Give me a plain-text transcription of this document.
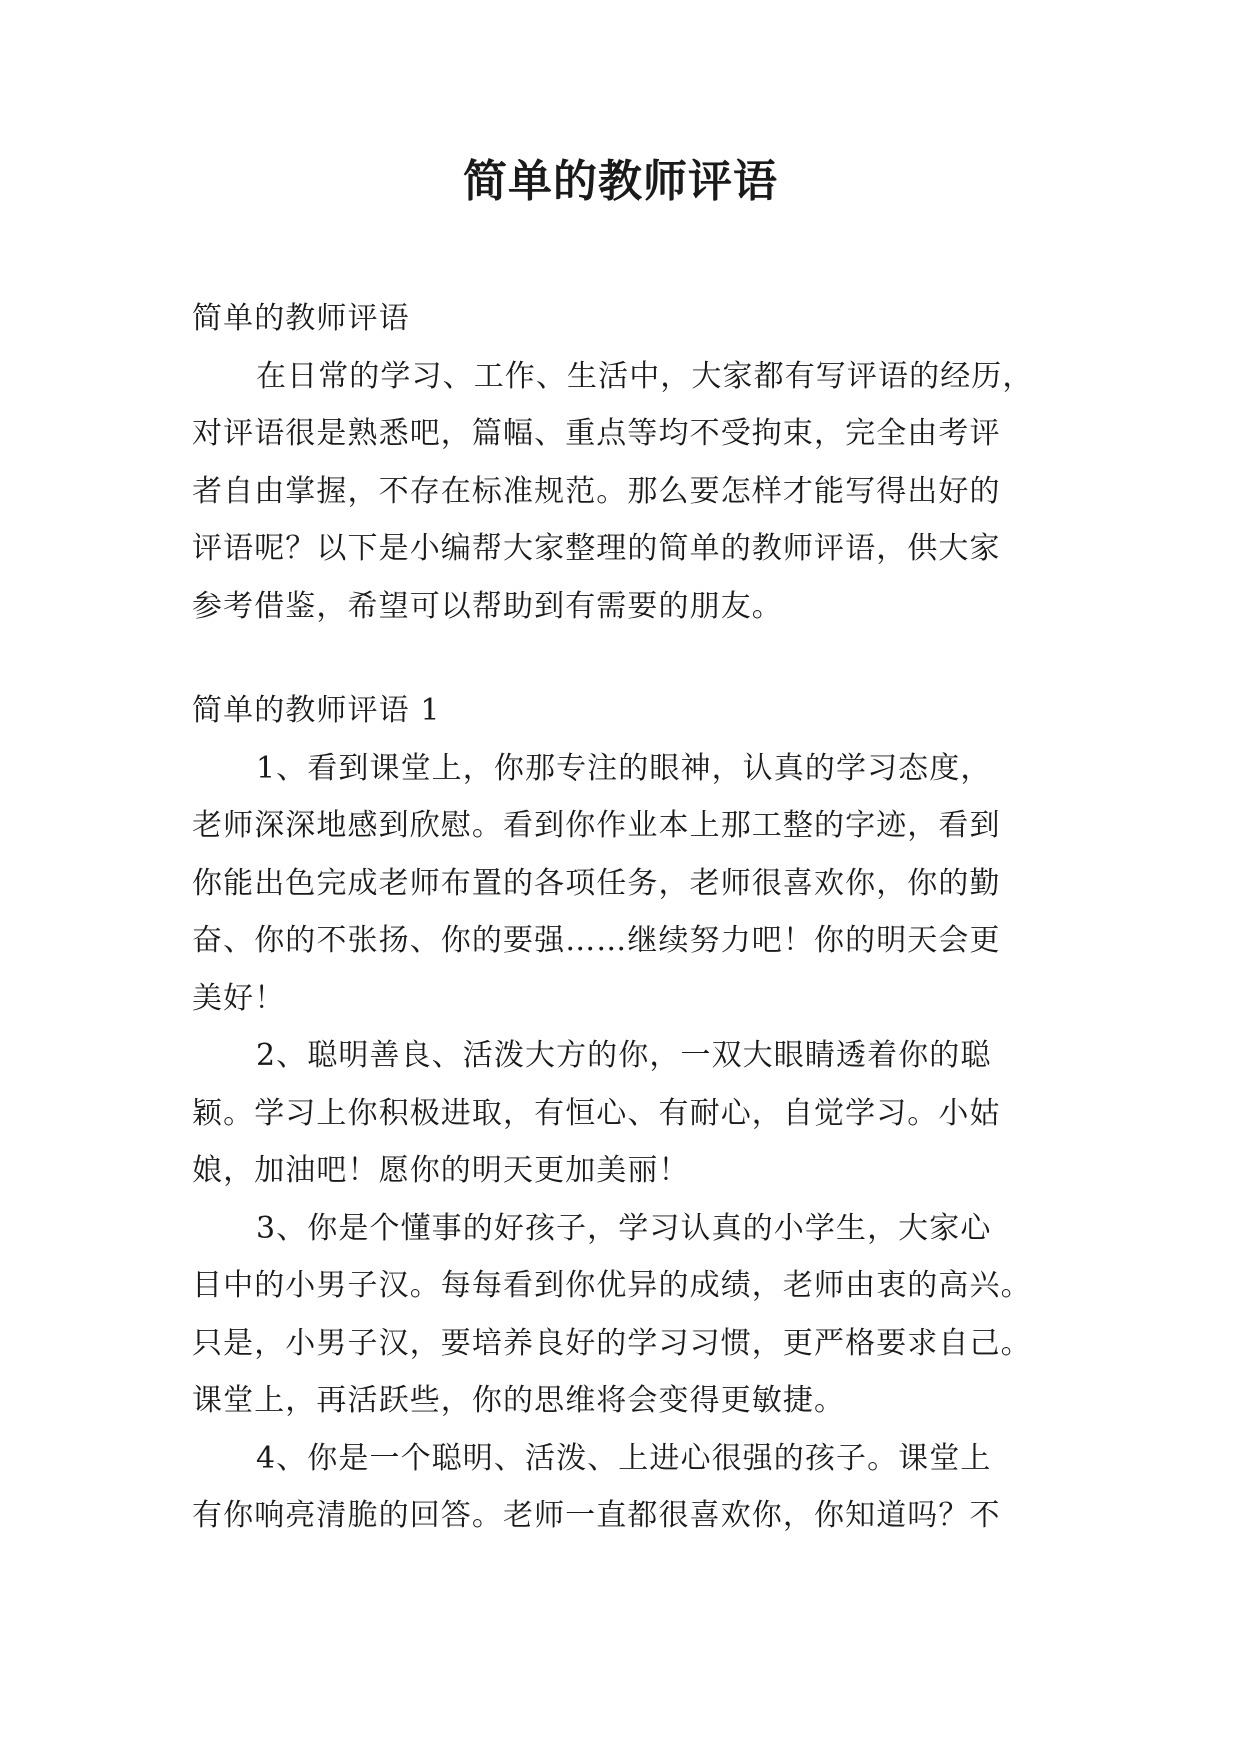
简单的教师评语

简单的教师评语

在日常的学习、工作、生活中，大家都有写评语的经历，

对评语很是熟悉吧，篇幅、重点等均不受拘束，完全由考评

者自由掌握，不存在标准规范。那么要怎样才能写得出好的

评语呢？以下是小编帮大家整理的简单的教师评语，供大家

参考借鉴，希望可以帮助到有需要的朋友。

简单的教师评语 1

1、看到课堂上，你那专注的眼神，认真的学习态度，

老师深深地感到欣慰。看到你作业本上那工整的字迹，看到

你能出色完成老师布置的各项任务，老师很喜欢你，你的勤

奋、你的不张扬、你的要强……继续努力吧！你的明天会更

美好！

2、聪明善良、活泼大方的你，一双大眼睛透着你的聪

颖。学习上你积极进取，有恒心、有耐心，自觉学习。小姑

娘，加油吧！愿你的明天更加美丽！

3、你是个懂事的好孩子，学习认真的小学生，大家心

目中的小男子汉。每每看到你优异的成绩，老师由衷的高兴。

只是，小男子汉，要培养良好的学习习惯，更严格要求自己。

课堂上，再活跃些，你的思维将会变得更敏捷。

4、你是一个聪明、活泼、上进心很强的孩子。课堂上

有你响亮清脆的回答。老师一直都很喜欢你，你知道吗？不
